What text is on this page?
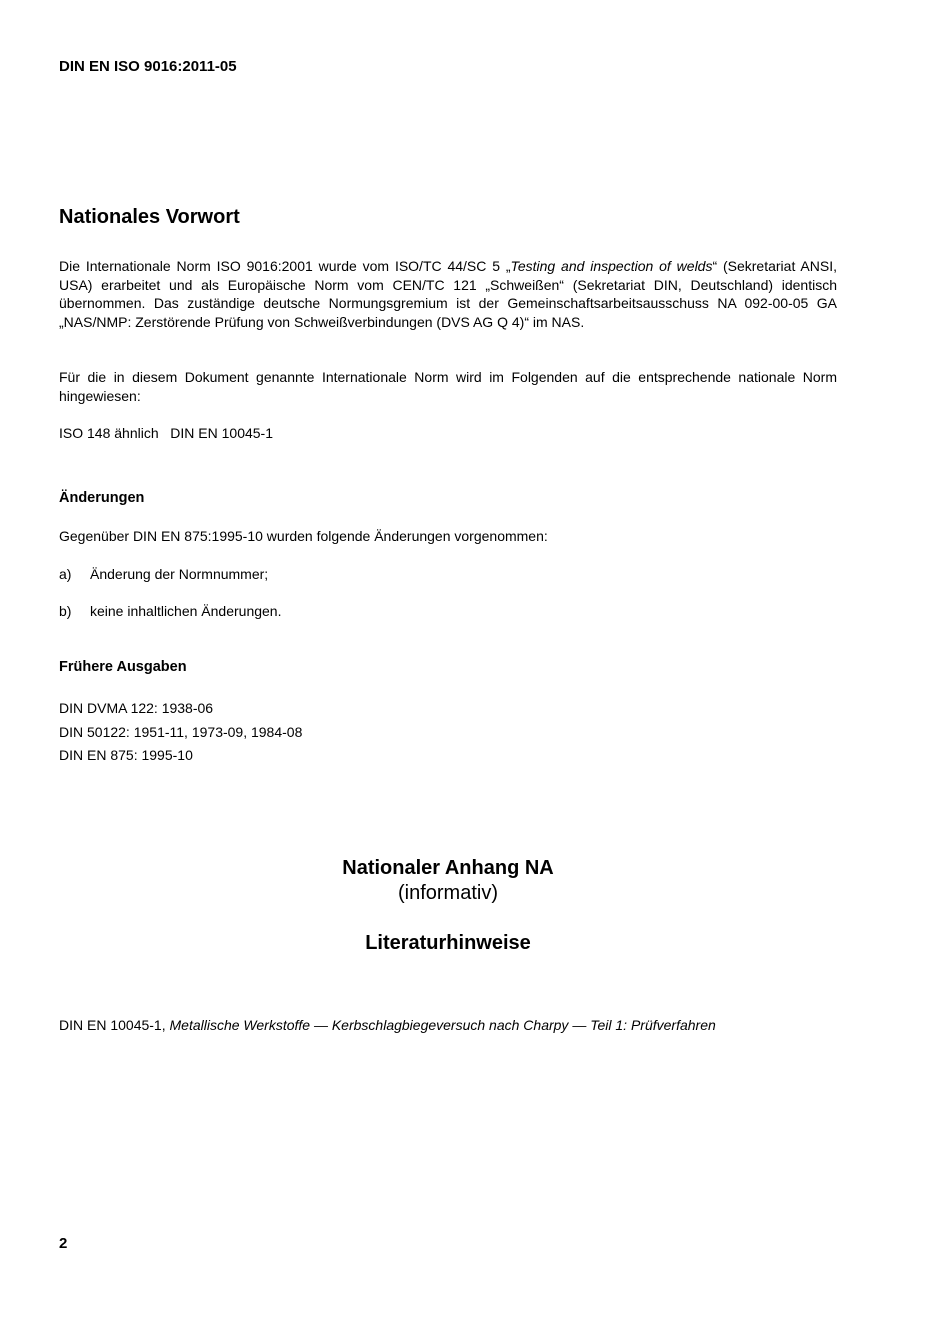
DIN EN ISO 9016:2011-05
Nationales Vorwort

Die Internationale Norm ISO 9016:2001 wurde vom ISO/TC 44/SC 5 „Testing and inspection of welds“ (Sekretariat ANSI, USA) erarbeitet und als Europäische Norm vom CEN/TC 121 „Schweißen“ (Sekretariat DIN, Deutschland) identisch übernommen. Das zuständige deutsche Normungsgremium ist der Gemeinschaftsarbeitsausschuss NA 092-00-05 GA „NAS/NMP: Zerstörende Prüfung von Schweißverbindungen (DVS AG Q 4)“ im NAS.

Für die in diesem Dokument genannte Internationale Norm wird im Folgenden auf die entsprechende nationale Norm hingewiesen:

ISO 148 ähnlich   DIN EN 10045-1
Änderungen
Gegenüber DIN EN 875:1995-10 wurden folgende Änderungen vorgenommen:
a) Änderung der Normnummer;
b) keine inhaltlichen Änderungen.
Frühere Ausgaben
DIN DVMA 122: 1938-06
DIN 50122: 1951-11, 1973-09, 1984-08
DIN EN 875: 1995-10
Nationaler Anhang NA
(informativ)
Literaturhinweise
DIN EN 10045-1, Metallische Werkstoffe — Kerbschlagbiegeversuch nach Charpy — Teil 1: Prüfverfahren
2
